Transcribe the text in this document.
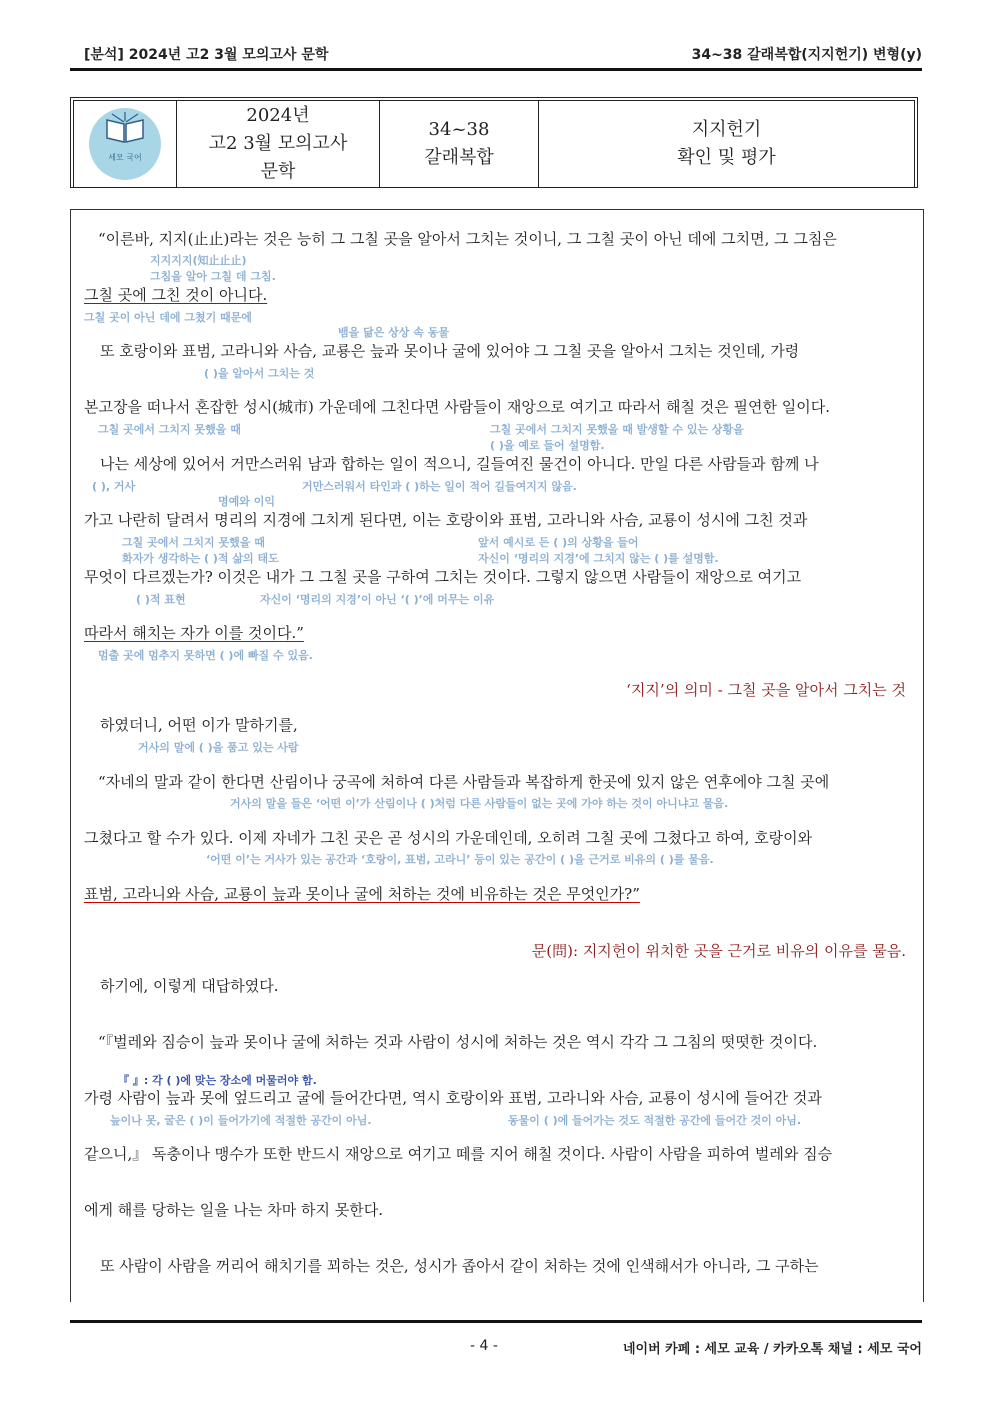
[분석] 2024년 고2 3월 모의고사 문학	34~38 갈래복합(지지헌기) 변형(y)
세모 국어

2024년
고2 3월 모의고사
문학

34~38
갈래복합

지지헌기
확인 및 평가
“이른바, 지지(止止)라는 것은 능히 그 그칠 곳을 알아서 그치는 것이니, 그 그칠 곳이 아닌 데에 그치면, 그 그침은
그칠 곳에 그친 것이 아니다.
또 호랑이와 표범, 고라니와 사슴, 교룡은 늪과 못이나 굴에 있어야 그 그칠 곳을 알아서 그치는 것인데, 가령
본고장을 떠나서 혼잡한 성시(城市) 가운데에 그친다면 사람들이 재앙으로 여기고 따라서 해칠 것은 필연한 일이다.
나는 세상에 있어서 거만스러워 남과 합하는 일이 적으니, 길들여진 물건이 아니다. 만일 다른 사람들과 함께 나
가고 나란히 달려서 명리의 지경에 그치게 된다면, 이는 호랑이와 표범, 고라니와 사슴, 교룡이 성시에 그친 것과
무엇이 다르겠는가? 이것은 내가 그 그칠 곳을 구하여 그치는 것이다. 그렇지 않으면 사람들이 재앙으로 여기고
따라서 해치는 자가 이를 것이다.”
하였더니, 어떤 이가 말하기를,
“자네의 말과 같이 한다면 산림이나 궁곡에 처하여 다른 사람들과 복잡하게 한곳에 있지 않은 연후에야 그칠 곳에
그쳤다고 할 수가 있다. 이제 자네가 그친 곳은 곧 성시의 가운데인데, 오히려 그칠 곳에 그쳤다고 하여, 호랑이와
표범, 고라니와 사슴, 교룡이 늪과 못이나 굴에 처하는 것에 비유하는 것은 무엇인가?”
하기에, 이렇게 대답하였다.
“『벌레와 짐승이 늪과 못이나 굴에 처하는 것과 사람이 성시에 처하는 것은 역시 각각 그 그침의 떳떳한 것이다.
가령 사람이 늪과 못에 엎드리고 굴에 들어간다면, 역시 호랑이와 표범, 고라니와 사슴, 교룡이 성시에 들어간 것과
같으니,』 독충이나 맹수가 또한 반드시 재앙으로 여기고 떼를 지어 해칠 것이다. 사람이 사람을 피하여 벌레와 짐승
에게 해를 당하는 일을 나는 차마 하지 못한다.
또 사람이 사람을 꺼리어 해치기를 꾀하는 것은, 성시가 좁아서 같이 처하는 것에 인색해서가 아니라, 그 구하는
지지지지(知止止止)
그침을 알아 그칠 데 그침.
그칠 곳이 아닌 데에 그쳤기 때문에
뱀을 닮은 상상 속 동물
( )을 알아서 그치는 것
그칠 곳에서 그치지 못했을 때	그칠 곳에서 그치지 못했을 때 발생할 수 있는 상황을
( )을 예로 들어 설명함.
( ), 거사	거만스러워서 타인과 ( )하는 일이 적어 길들여지지 않음.
명예와 이익
그칠 곳에서 그치지 못했을 때
화자가 생각하는 ( )적 삶의 태도
앞서 예시로 든 ( )의 상황을 들어
자신이 ‘명리의 지경’에 그치지 않는 ( )를 설명함.
( )적 표현	자신이 ‘명리의 지경’이 아닌 ‘( )’에 머무는 이유
멈출 곳에 멈추지 못하면 ( )에 빠질 수 있음.
거사의 말에 ( )을 품고 있는 사람
거사의 말을 들은 ‘어떤 이’가 산림이나 ( )처럼 다른 사람들이 없는 곳에 가야 하는 것이 아니냐고 물음.
‘어떤 이’는 거사가 있는 공간과 ‘호랑이, 표범, 고라니’ 등이 있는 공간이 ( )을 근거로 비유의 ( )를 물음.
『 』: 각 ( )에 맞는 장소에 머물러야 함.
늪이나 못, 굴은 ( )이 들어가기에 적절한 공간이 아님.	동물이 ( )에 들어가는 것도 적절한 공간에 들어간 것이 아님.
‘지지’의 의미 - 그칠 곳을 알아서 그치는 것
문(問): 지지헌이 위치한 곳을 근거로 비유의 이유를 물음.
- 4 -	네이버 카페 : 세모 교육 / 카카오톡 채널 : 세모 국어
